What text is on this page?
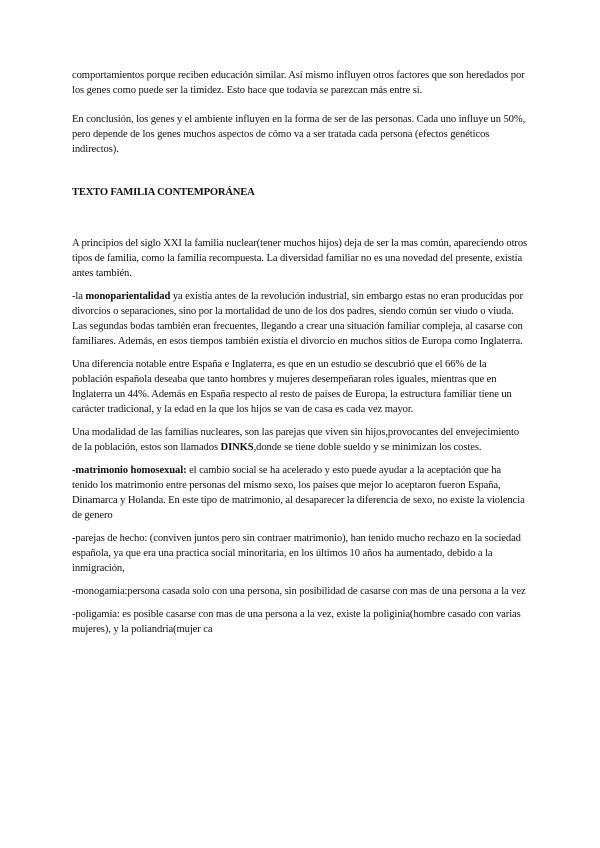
comportamientos porque reciben educación similar. Así mismo influyen otros factores que son heredados por los genes como puede ser la timidez. Esto hace que todavía se parezcan más entre sí.

En conclusión, los genes y el ambiente influyen en la forma de ser de las personas. Cada uno influye un 50%, pero depende de los genes muchos aspectos de cómo va a ser tratada cada persona (efectos genéticos indirectos).

TEXTO FAMILIA CONTEMPORÁNEA

A principios del siglo XXI la familia nuclear(tener muchos hijos) deja de ser la mas común, apareciendo otros tipos de familia, como la familia recompuesta. La diversidad familiar no es una novedad del presente, existía antes también.

-la monoparientalidad ya existía antes de la revolución industrial, sin embargo estas no eran producidas por divorcios o separaciones, sino por la mortalidad de uno de los dos padres, siendo común ser viudo o viuda. Las segundas bodas también eran frecuentes, llegando a crear una situación familiar compleja, al casarse con familiares. Además, en esos tiempos también existía el divorcio en muchos sitios de Europa como Inglaterra.

Una diferencia notable entre España e Inglaterra, es que en un estudio se descubrió que el 66% de la población española deseaba que tanto hombres y mujeres desempeñaran roles iguales, mientras que en Inglaterra un 44%. Además en España respecto al resto de países de Europa, la estructura familiar tiene un carácter tradicional, y la edad en la que los hijos se van de casa es cada vez mayor.

Una modalidad de las familias nucleares, son las parejas que viven sin hijos,provocantes del envejecimiento de la población, estos son llamados DINKS,donde se tiene doble sueldo y se minimizan los costes.

-matrimonio homosexual: el cambio social se ha acelerado y esto puede ayudar a la aceptación que ha tenido los matrimonio entre personas del mismo sexo, los países que mejor lo aceptaron fueron España, Dinamarca y Holanda. En este tipo de matrimonio, al desaparecer la diferencia de sexo, no existe la violencia de genero

-parejas de hecho: (conviven juntos pero sin contraer matrimonio), han tenido mucho rechazo en la sociedad española, ya que era una practica social minoritaria, en los últimos 10 años ha aumentado, debido a la inmigración,

-monogamia:persona casada solo con una persona, sin posibilidad de casarse con mas de una persona a la vez

-poligamia: es posible casarse con mas de una persona a la vez, existe la poliginia(hombre casado con varias mujeres), y la poliandria(mujer ca
